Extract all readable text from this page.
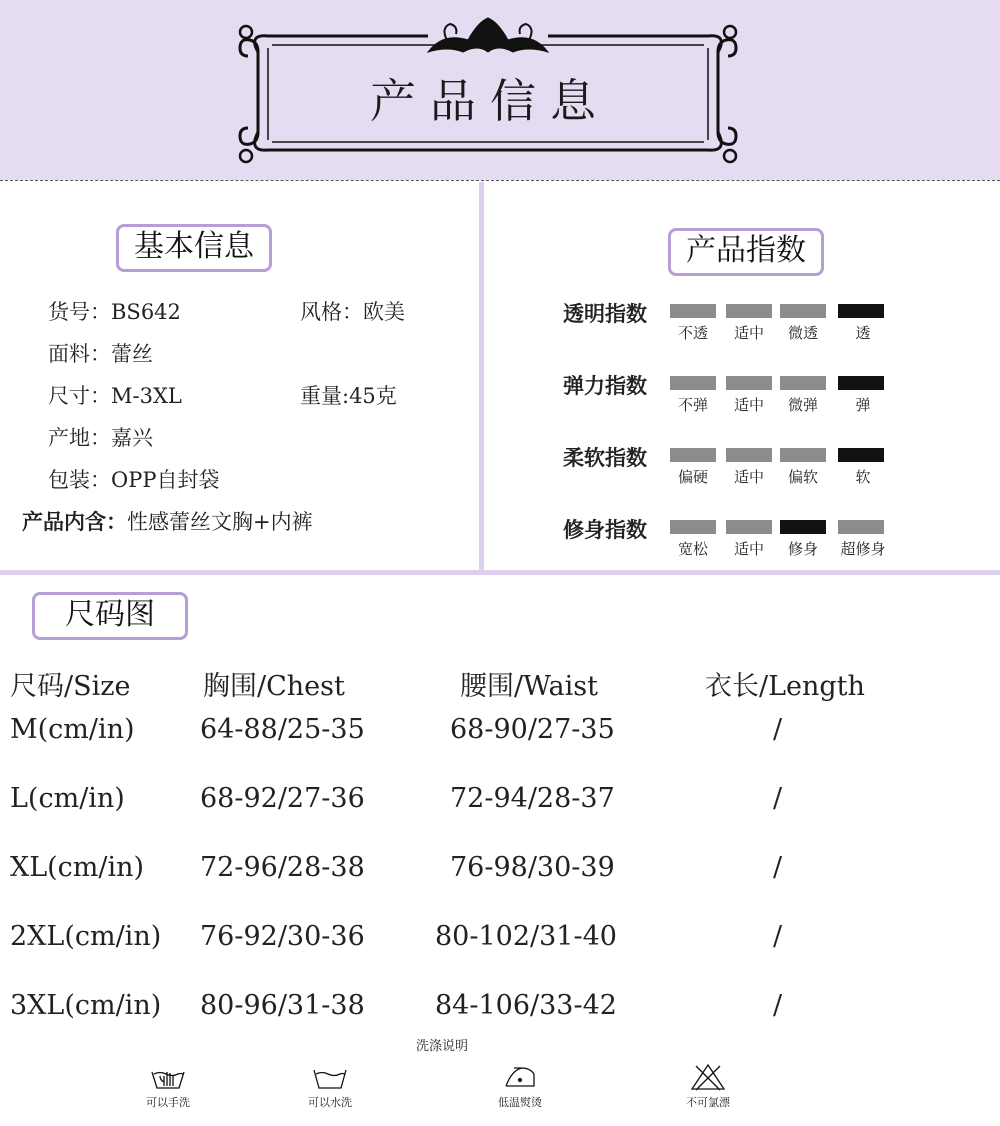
产品信息
基本信息
货号：BS642	风格：欧美
面料：蕾丝
尺寸：M-3XL	重量:45克
产地：嘉兴
包装：OPP自封袋
产品内含：性感蕾丝文胸+内裤
产品指数
透明指数
不透	适中	微透	透
弹力指数
不弹	适中	微弹	弹
柔软指数
偏硬	适中	偏软	软
修身指数
宽松	适中	修身	超修身
尺码图
尺码/Size	胸围/Chest	腰围/Waist	衣长/Length
M(cm/in) 64-88/25-35	68-90/27-35	/
L(cm/in)	68-92/27-36	72-94/28-37	/
XL(cm/in) 72-96/28-38	76-98/30-39	/
2XL(cm/in) 76-92/30-36	80-102/31-40	/
3XL(cm/in) 80-96/31-38	84-106/33-42	/
洗涤说明
可以手洗	可以水洗	低温熨烫	不可氯漂
